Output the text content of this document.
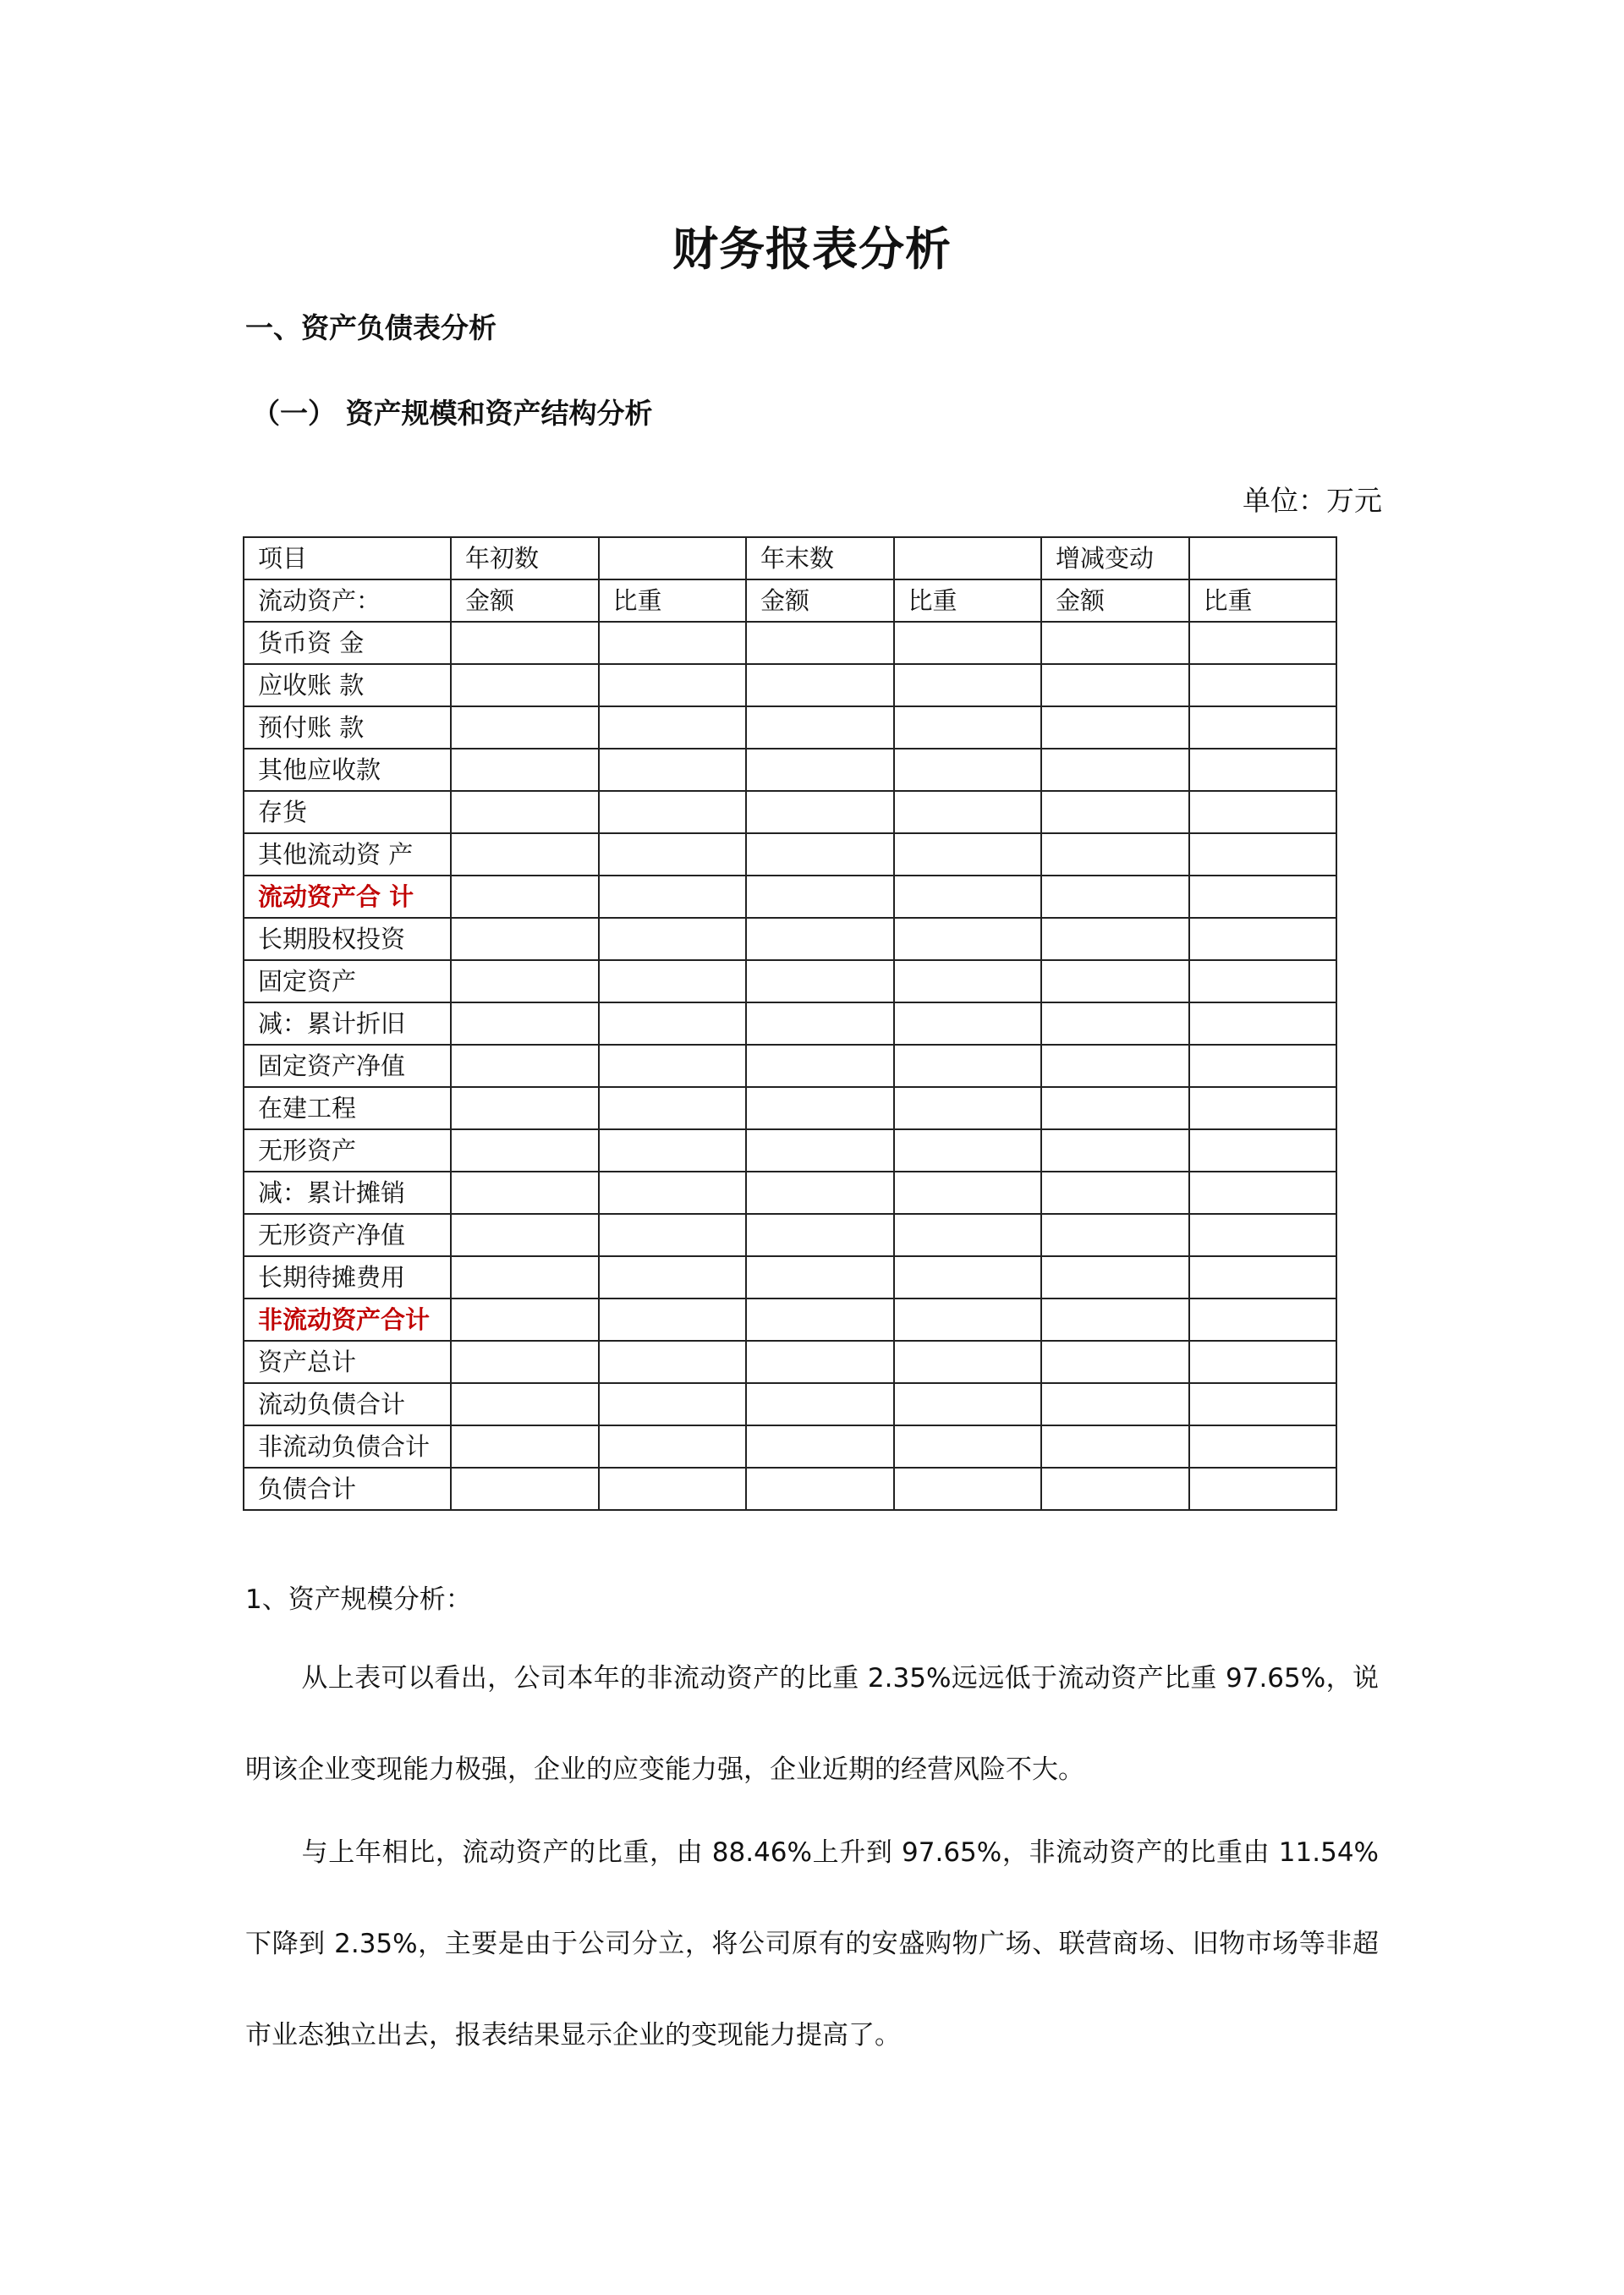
财务报表分析
一、资产负债表分析
（一） 资产规模和资产结构分析
单位：万元
项目	年初数		年末数		增减变动	
流动资产：	金额	比重	金额	比重	金额	比重
货币资 金						
应收账 款						
预付账 款						
其他应收款						
存货						
其他流动资 产						
流动资产合 计						
长期股权投资						
固定资产						
减：累计折旧						
固定资产净值						
在建工程						
无形资产						
减：累计摊销						
无形资产净值						
长期待摊费用						
非流动资产合计						
资产总计						
流动负债合计						
非流动负债合计						
负债合计						
1、资产规模分析：

从上表可以看出，公司本年的非流动资产的比重 2.35%远远低于流动资产比重 97.65%，说明该企业变现能力极强，企业的应变能力强，企业近期的经营风险不大。

与上年相比，流动资产的比重，由 88.46%上升到 97.65%，非流动资产的比重由 11.54%下降到 2.35%，主要是由于公司分立，将公司原有的安盛购物广场、联营商场、旧物市场等非超市业态独立出去，报表结果显示企业的变现能力提高了。
